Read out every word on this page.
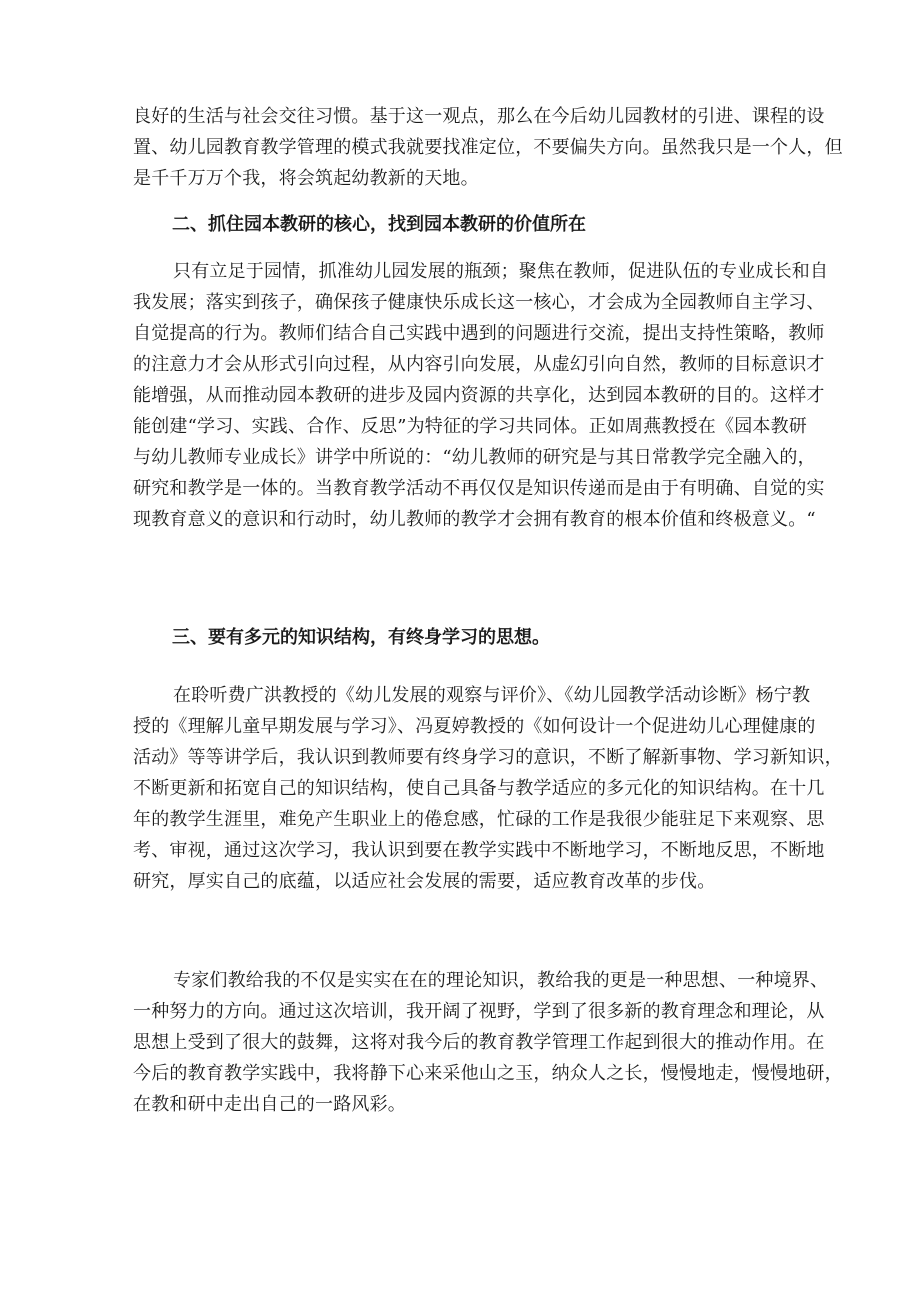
良好的生活与社会交往习惯。基于这一观点，那么在今后幼儿园教材的引进、课程的设
置、幼儿园教育教学管理的模式我就要找准定位，不要偏失方向。虽然我只是一个人，但
是千千万万个我，将会筑起幼教新的天地。
二、抓住园本教研的核心，找到园本教研的价值所在
只有立足于园情，抓准幼儿园发展的瓶颈；聚焦在教师，促进队伍的专业成长和自
我发展；落实到孩子，确保孩子健康快乐成长这一核心，才会成为全园教师自主学习、
自觉提高的行为。教师们结合自己实践中遇到的问题进行交流，提出支持性策略，教师
的注意力才会从形式引向过程，从内容引向发展，从虚幻引向自然，教师的目标意识才
能增强，从而推动园本教研的进步及园内资源的共享化，达到园本教研的目的。这样才
能创建“学习、实践、合作、反思”为特征的学习共同体。正如周燕教授在《园本教研
与幼儿教师专业成长》讲学中所说的：“幼儿教师的研究是与其日常教学完全融入的，
研究和教学是一体的。当教育教学活动不再仅仅是知识传递而是由于有明确、自觉的实
现教育意义的意识和行动时，幼儿教师的教学才会拥有教育的根本价值和终极意义。“
三、要有多元的知识结构，有终身学习的思想。
在聆听费广洪教授的《幼儿发展的观察与评价》、《幼儿园教学活动诊断》杨宁教
授的《理解儿童早期发展与学习》、冯夏婷教授的《如何设计一个促进幼儿心理健康的
活动》等等讲学后，我认识到教师要有终身学习的意识，不断了解新事物、学习新知识，
不断更新和拓宽自己的知识结构，使自己具备与教学适应的多元化的知识结构。在十几
年的教学生涯里，难免产生职业上的倦怠感，忙碌的工作是我很少能驻足下来观察、思
考、审视，通过这次学习，我认识到要在教学实践中不断地学习，不断地反思，不断地
研究，厚实自己的底蕴，以适应社会发展的需要，适应教育改革的步伐。
专家们教给我的不仅是实实在在的理论知识，教给我的更是一种思想、一种境界、
一种努力的方向。通过这次培训，我开阔了视野，学到了很多新的教育理念和理论，从
思想上受到了很大的鼓舞，这将对我今后的教育教学管理工作起到很大的推动作用。在
今后的教育教学实践中，我将静下心来采他山之玉，纳众人之长，慢慢地走，慢慢地研，
在教和研中走出自己的一路风彩。
